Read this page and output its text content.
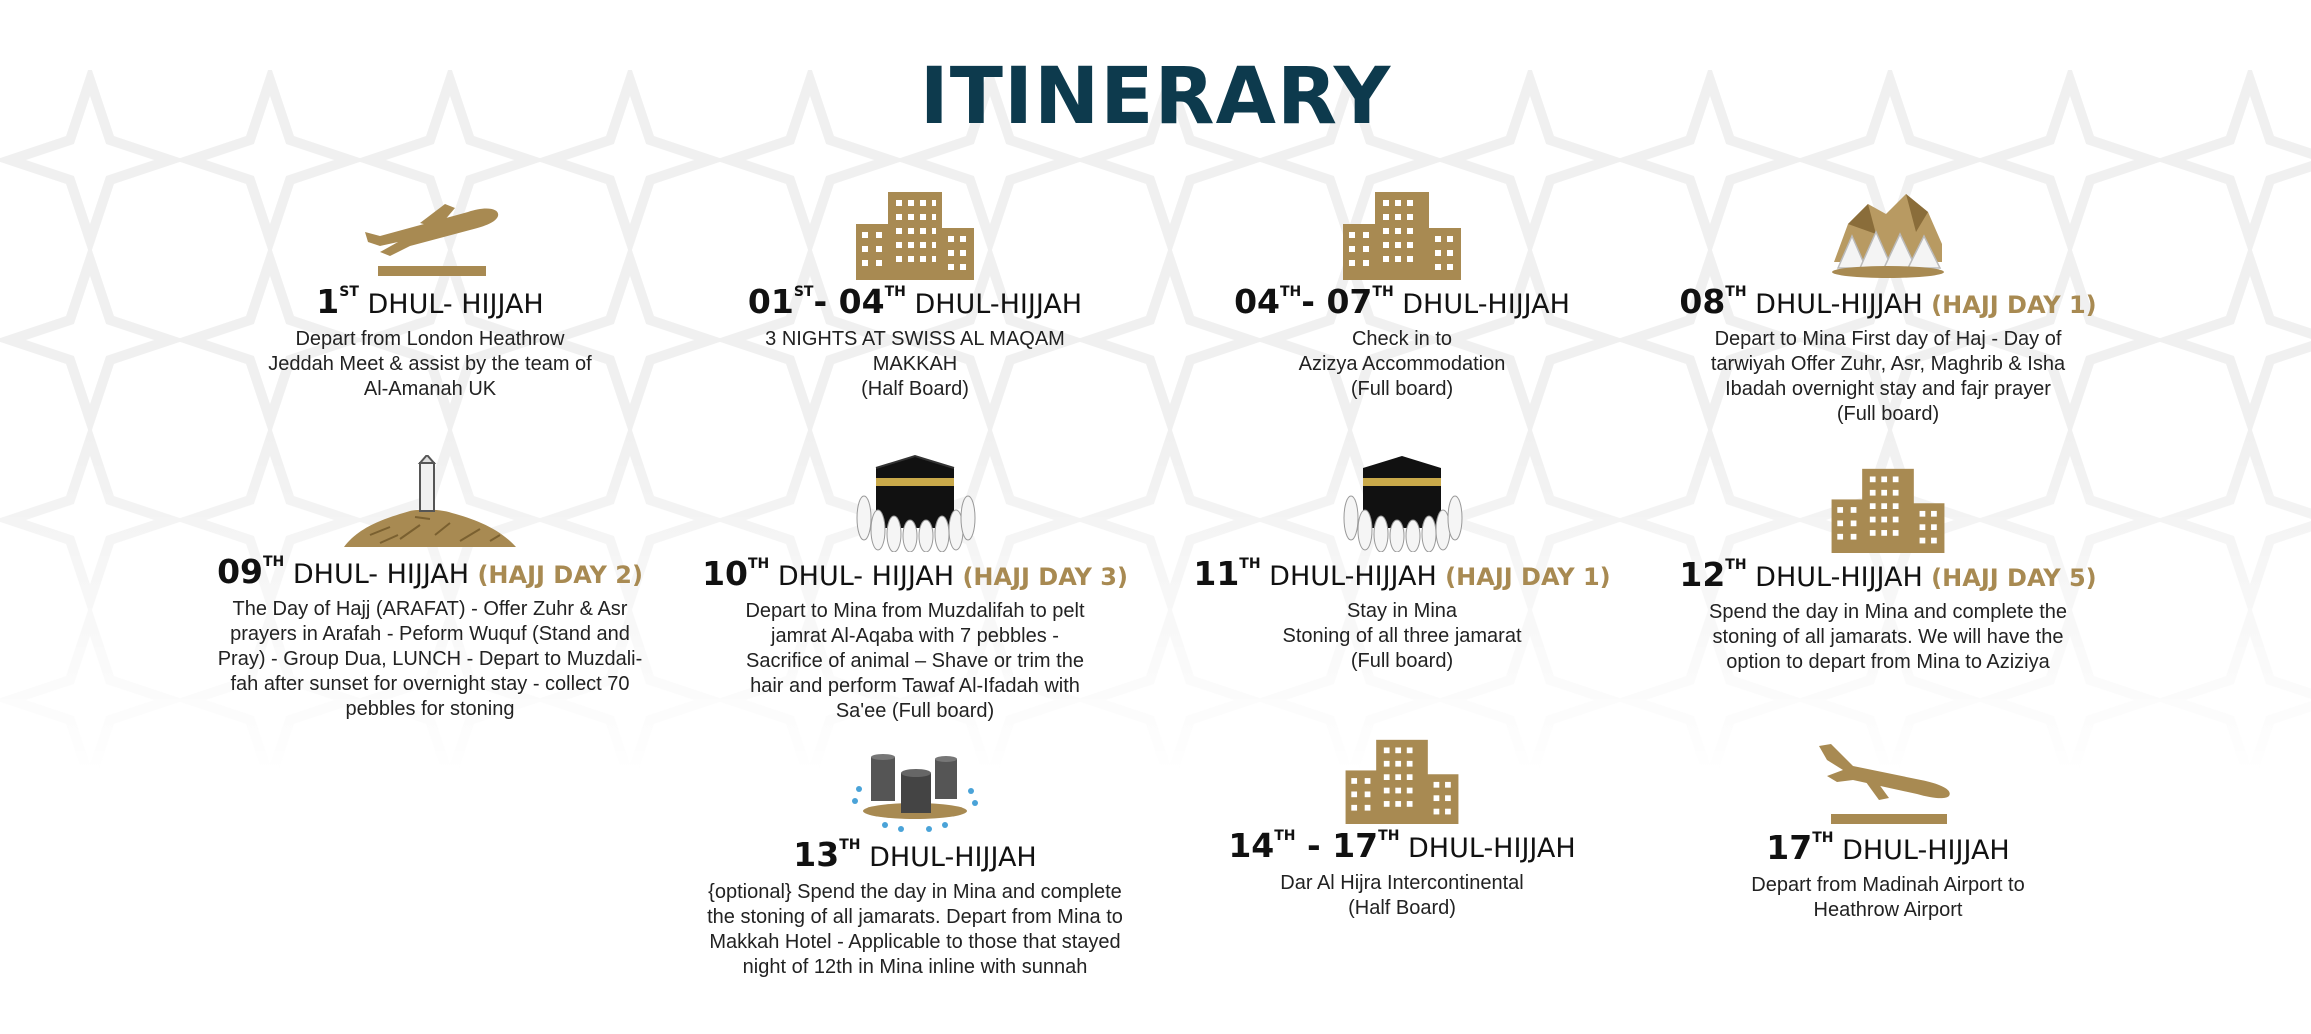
ITINERARY
1ST DHUL- HIJJAH
Depart from London Heathrow
Jeddah Meet & assist by the team of
Al-Amanah UK
01ST- 04TH DHUL-HIJJAH
3 NIGHTS AT SWISS AL MAQAM
MAKKAH
(Half Board)
04TH- 07TH DHUL-HIJJAH
Check in to
Azizya Accommodation
(Full board)
08TH DHUL-HIJJAH (HAJJ DAY 1)
Depart to Mina First day of Haj - Day of
tarwiyah Offer Zuhr, Asr, Maghrib & Isha
Ibadah overnight stay and fajr prayer
(Full board)
09TH DHUL- HIJJAH (HAJJ DAY 2)
The Day of Hajj (ARAFAT) - Offer Zuhr & Asr
prayers in Arafah - Peform Wuquf (Stand and
Pray) - Group Dua, LUNCH - Depart to Muzdali-
fah after sunset for overnight stay - collect 70
pebbles for stoning
10TH DHUL- HIJJAH (HAJJ DAY 3)
Depart to Mina from Muzdalifah to pelt
jamrat Al-Aqaba with 7 pebbles -
Sacrifice of animal – Shave or trim the
hair and perform Tawaf Al-Ifadah with
Sa'ee (Full board)
11TH DHUL-HIJJAH (HAJJ DAY 1)
Stay in Mina
Stoning of all three jamarat
(Full board)
12TH DHUL-HIJJAH (HAJJ DAY 5)
Spend the day in Mina and complete the
stoning of all jamarats. We will have the
option to depart from Mina to Aziziya
13TH DHUL-HIJJAH
{optional} Spend the day in Mina and complete
the stoning of all jamarats. Depart from Mina to
Makkah Hotel - Applicable to those that stayed
night of 12th in Mina inline with sunnah
14TH - 17TH DHUL-HIJJAH
Dar Al Hijra Intercontinental
(Half Board)
17TH DHUL-HIJJAH
Depart from Madinah Airport to
Heathrow Airport
